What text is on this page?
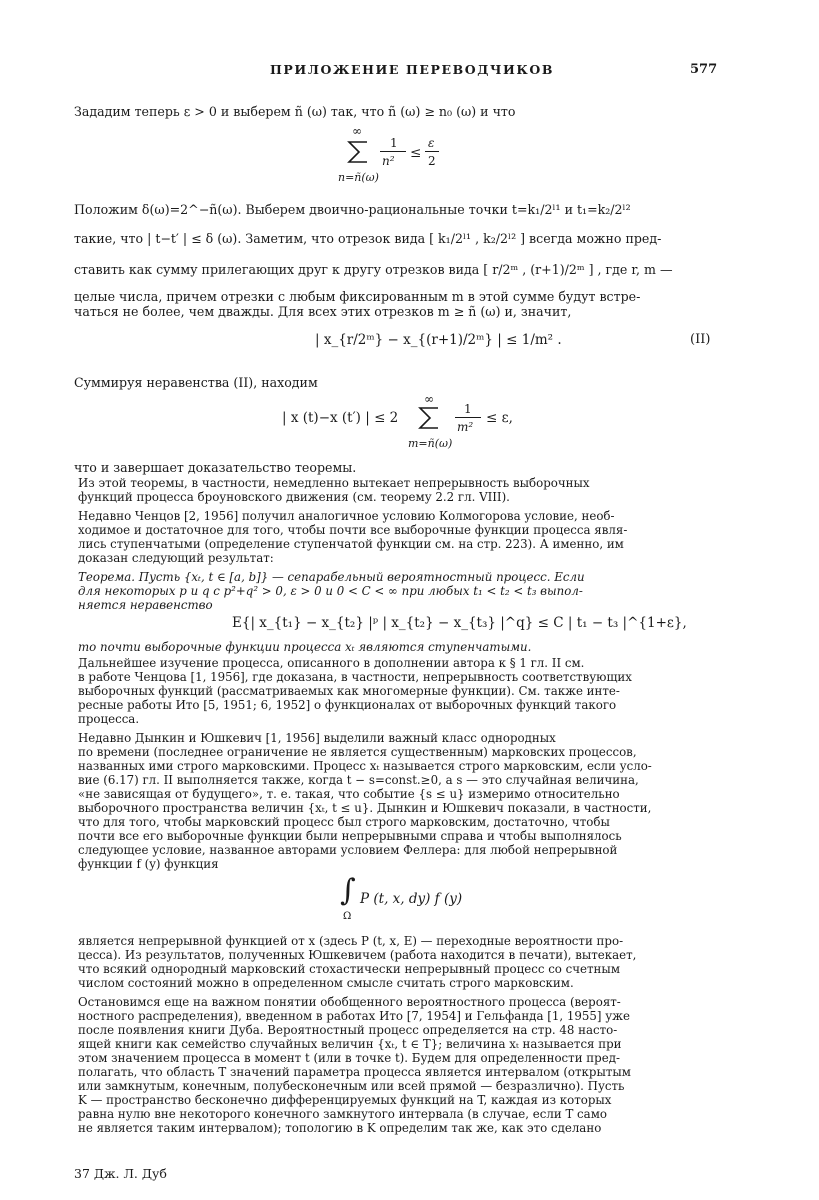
ПРИЛОЖЕНИЕ ПЕРЕВОДЧИКОВ	577
Зададим теперь ε > 0 и выберем ñ (ω) так, что ñ (ω) ≥ n₀ (ω) и что
∞
1
n² ≤
ε
2
n=ñ(ω)
Положим δ(ω)=2^−ñ(ω). Выберем двоично-рациональные точки t=k₁/2ˡ¹ и t₁=k₂/2ˡ²
такие, что | t−t′ | ≤ δ (ω). Заметим, что отрезок вида [ k₁/2ˡ¹ , k₂/2ˡ² ] всегда можно пред-
ставить как сумму прилегающих друг к другу отрезков вида [ r/2ᵐ , (r+1)/2ᵐ ] , где r, m —
целые числа, причем отрезки с любым фиксированным m в этой сумме будут встре-
чаться не более, чем дважды. Для всех этих отрезков m ≥ ñ (ω) и, значит,
| x_{r/2ᵐ} − x_{(r+1)/2ᵐ} | ≤ 1/m² .	(II)
Суммируя неравенства (II), находим
| x (t)−x (t′) | ≤ 2
∞
1
m²
≤ ε,
m=ñ(ω)
что и завершает доказательство теоремы.
Из этой теоремы, в частности, немедленно вытекает непрерывность выборочных
функций процесса броуновского движения (см. теорему 2.2 гл. VIII).
Недавно Ченцов [2, 1956] получил аналогичное условию Колмогорова условие, необ-
ходимое и достаточное для того, чтобы почти все выборочные функции процесса явля-
лись ступенчатыми (определение ступенчатой функции см. на стр. 223). А именно, им
доказан следующий результат:
Теорема. Пусть {xₜ, t ∈ [a, b]} — сепарабельный вероятностный процесс. Если
для некоторых p и q с p²+q² > 0, ε > 0 и 0 < C < ∞ при любых t₁ < t₂ < t₃ выпол-
няется неравенство
E{| x_{t₁} − x_{t₂} |ᵖ | x_{t₂} − x_{t₃} |^q} ≤ C | t₁ − t₃ |^{1+ε},
то почти выборочные функции процесса xₜ являются ступенчатыми.
Дальнейшее изучение процесса, описанного в дополнении автора к § 1 гл. II см.
в работе Ченцова [1, 1956], где доказана, в частности, непрерывность соответствующих
выборочных функций (рассматриваемых как многомерные функции). См. также инте-
ресные работы Ито [5, 1951; 6, 1952] о функционалах от выборочных функций такого
процесса.
Недавно Дынкин и Юшкевич [1, 1956] выделили важный класс однородных
по времени (последнее ограничение не является существенным) марковских процессов,
названных ими строго марковскими. Процесс xₜ называется строго марковским, если усло-
вие (6.17) гл. II выполняется также, когда t − s=const.≥0, а s — это случайная величина,
«не зависящая от будущего», т. е. такая, что событие {s ≤ u} измеримо относительно
выборочного пространства величин {xₜ, t ≤ u}. Дынкин и Юшкевич показали, в частности,
что для того, чтобы марковский процесс был строго марковским, достаточно, чтобы
почти все его выборочные функции были непрерывными справа и чтобы выполнялось
следующее условие, названное авторами условием Феллера: для любой непрерывной
функции f (y) функция
∫
Ω
P (t, x, dy) f (y)
является непрерывной функцией от x (здесь P (t, x, E) — переходные вероятности про-
цесса). Из результатов, полученных Юшкевичем (работа находится в печати), вытекает,
что всякий однородный марковский стохастически непрерывный процесс со счетным
числом состояний можно в определенном смысле считать строго марковским.
Остановимся еще на важном понятии обобщенного вероятностного процесса (вероят-
ностного распределения), введенном в работах Ито [7, 1954] и Гельфанда [1, 1955] уже
после появления книги Дуба. Вероятностный процесс определяется на стр. 48 насто-
ящей книги как семейство случайных величин {xₜ, t ∈ T}; величина xₜ называется при
этом значением процесса в момент t (или в точке t). Будем для определенности пред-
полагать, что область T значений параметра процесса является интервалом (открытым
или замкнутым, конечным, полубесконечным или всей прямой — безразлично). Пусть
K — пространство бесконечно дифференцируемых функций на T, каждая из которых
равна нулю вне некоторого конечного замкнутого интервала (в случае, если T само
не является таким интервалом); топологию в K определим так же, как это сделано
37 Дж. Л. Дуб
